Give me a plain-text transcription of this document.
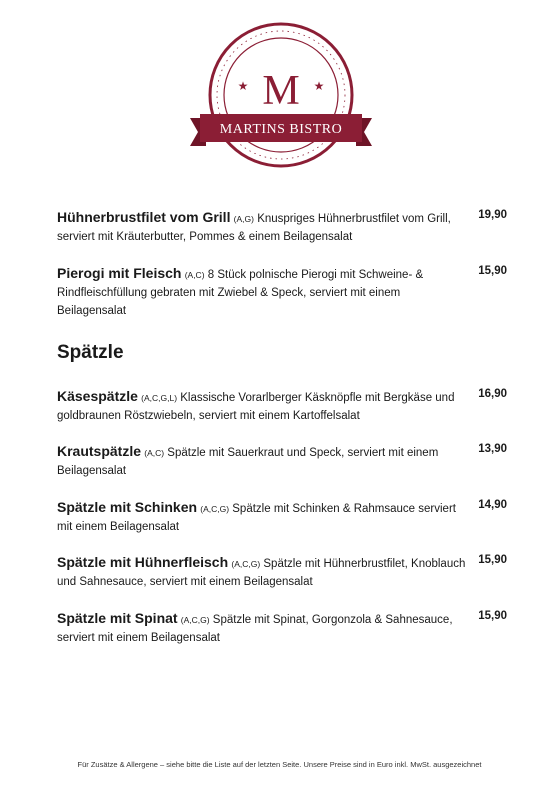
M
★	★
MARTINS BISTRO
Hühnerbrustfilet vom Grill (A,G) Knuspriges Hühnerbrustfilet vom Grill, serviert mit Kräuterbutter, Pommes & einem Beilagensalat
19,90
Pierogi mit Fleisch (A,C) 8 Stück polnische Pierogi mit Schweine- & Rindfleischfüllung gebraten mit Zwiebel & Speck, serviert mit einem Beilagensalat
15,90
Spätzle
Käsespätzle (A,C,G,L) Klassische Vorarlberger Käsknöpfle mit Bergkäse und goldbraunen Röstzwiebeln, serviert mit einem Kartoffelsalat
16,90
Krautspätzle (A,C) Spätzle mit Sauerkraut und Speck, serviert mit einem Beilagensalat
13,90
Spätzle mit Schinken (A,C,G) Spätzle mit Schinken & Rahmsauce serviert mit einem Beilagensalat
14,90
Spätzle mit Hühnerfleisch (A,C,G) Spätzle mit Hühnerbrustfilet, Knoblauch und Sahnesauce, serviert mit einem Beilagensalat
15,90
Spätzle mit Spinat (A,C,G) Spätzle mit Spinat, Gorgonzola & Sahnesauce, serviert mit einem Beilagensalat
15,90
Für Zusätze & Allergene – siehe bitte die Liste auf der letzten Seite. Unsere Preise sind in Euro inkl. MwSt. ausgezeichnet
